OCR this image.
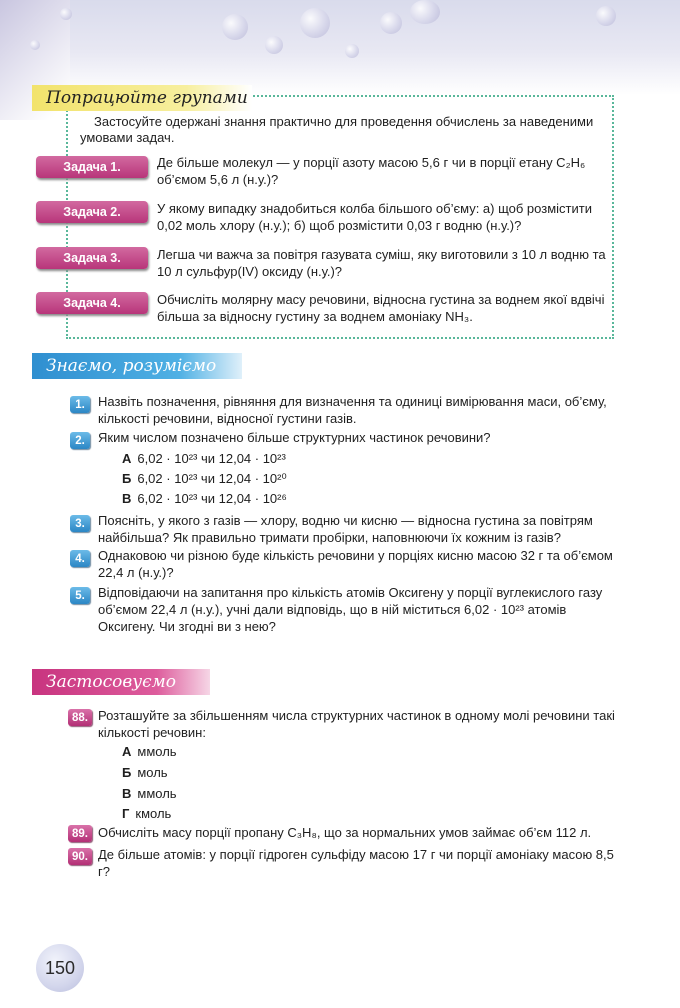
Попрацюйте групами
Застосуйте одержані знання практично для проведення обчислень за наведеними умовами задач.
Задача 1.	Де більше молекул — у порції азоту масою 5,6 г чи в порції етану C₂H₆ об’ємом 5,6 л (н.у.)?
Задача 2.	У якому випадку знадобиться колба більшого об’єму: а) щоб розмістити 0,02 моль хлору (н.у.); б) щоб розмістити 0,03 г водню (н.у.)?
Задача 3.	Легша чи важча за повітря газувата суміш, яку виготовили з 10 л водню та 10 л сульфур(IV) оксиду (н.у.)?
Задача 4.	Обчисліть молярну масу речовини, відносна густина за воднем якої вдвічі більша за відносну густину за воднем амоніаку NH₃.
Знаємо, розуміємо
1.	Назвіть позначення, рівняння для визначення та одиниці вимірювання маси, об’єму, кількості речовини, відносної густини газів.
2.	Яким числом позначено більше структурних частинок речовини?
А 6,02 · 10²³ чи 12,04 · 10²³
Б 6,02 · 10²³ чи 12,04 · 10²⁰
В 6,02 · 10²³ чи 12,04 · 10²⁶
3.	Поясніть, у якого з газів — хлору, водню чи кисню — відносна густина за повітрям найбільша? Як правильно тримати пробірки, наповнюючи їх кожним із газів?
4.	Однаковою чи різною буде кількість речовини у порціях кисню масою 32 г та об’ємом 22,4 л (н.у.)?
5.	Відповідаючи на запитання про кількість атомів Оксигену у порції вуглекислого газу об’ємом 22,4 л (н.у.), учні дали відповідь, що в ній міститься 6,02 · 10²³ атомів Оксигену. Чи згодні ви з нею?
Застосовуємо
88. Розташуйте за збільшенням числа структурних частинок в одному молі речовини такі кількості речовин:
А ммоль
Б моль
В ммоль
Г кмоль
89. Обчисліть масу порції пропану C₃H₈, що за нормальних умов займає об’єм 112 л.
90. Де більше атомів: у порції гідроген сульфіду масою 17 г чи порції амоніаку масою 8,5 г?
150
